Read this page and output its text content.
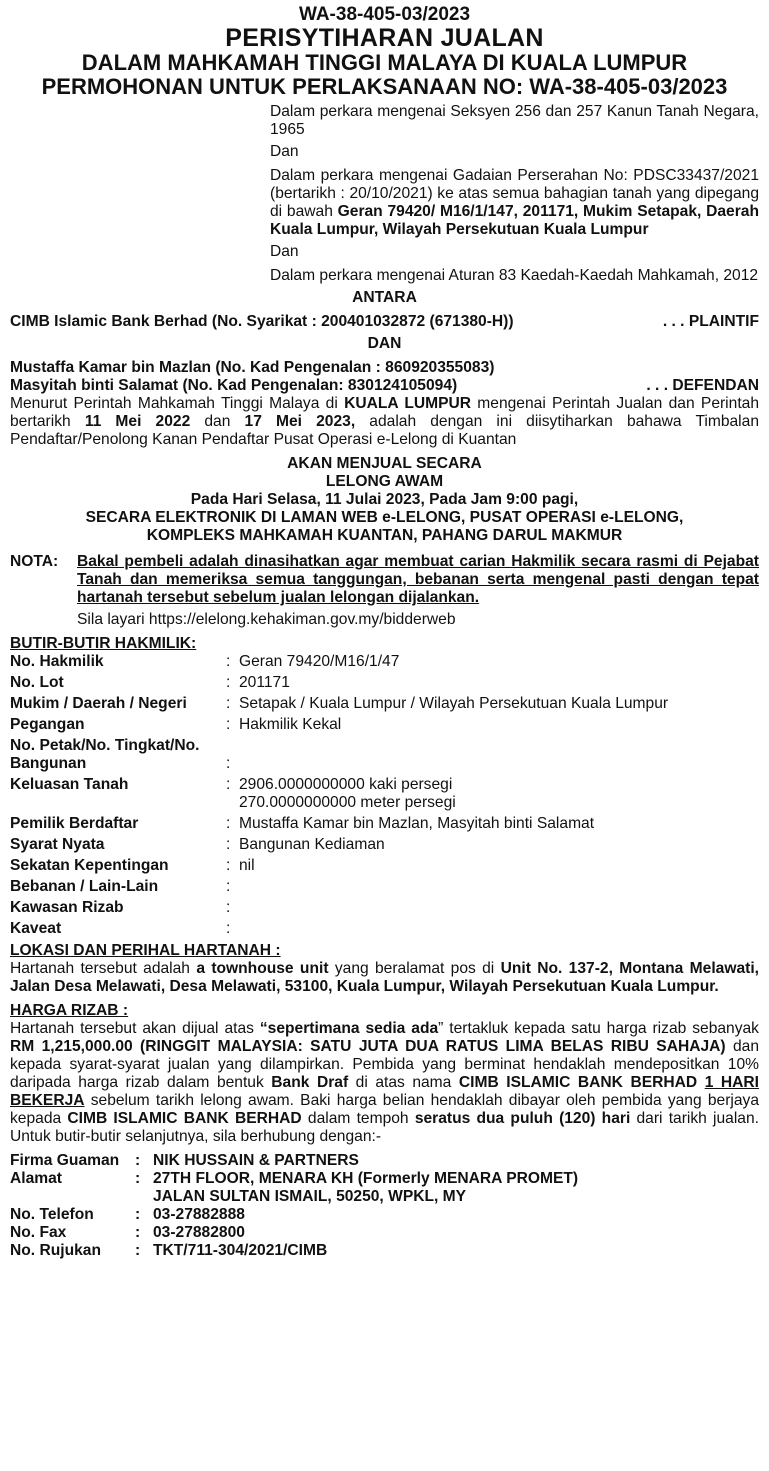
WA-38-405-03/2023
PERISYTIHARAN JUALAN
DALAM MAHKAMAH TINGGI MALAYA DI KUALA LUMPUR
PERMOHONAN UNTUK PERLAKSANAAN NO: WA-38-405-03/2023
Dalam perkara mengenai Seksyen 256 dan 257 Kanun Tanah Negara, 1965
Dan
Dalam perkara mengenai Gadaian Perserahan No: PDSC33437/2021 (bertarikh : 20/10/2021) ke atas semua bahagian tanah yang dipegang di bawah Geran 79420/ M16/1/147, 201171, Mukim Setapak, Daerah Kuala Lumpur, Wilayah Persekutuan Kuala Lumpur
Dan
Dalam perkara mengenai Aturan 83 Kaedah-Kaedah Mahkamah, 2012
ANTARA
CIMB Islamic Bank Berhad (No. Syarikat : 200401032872 (671380-H))	. . . PLAINTIF
DAN
Mustaffa Kamar bin Mazlan (No. Kad Pengenalan : 860920355083)
Masyitah binti Salamat (No. Kad Pengenalan: 830124105094)	. . . DEFENDAN
Menurut Perintah Mahkamah Tinggi Malaya di KUALA LUMPUR mengenai Perintah Jualan dan Perintah bertarikh 11 Mei 2022 dan 17 Mei 2023, adalah dengan ini diisytiharkan bahawa Timbalan Pendaftar/Penolong Kanan Pendaftar Pusat Operasi e-Lelong di Kuantan
AKAN MENJUAL SECARA
LELONG AWAM
Pada Hari Selasa, 11 Julai 2023, Pada Jam 9:00 pagi,
SECARA ELEKTRONIK DI LAMAN WEB e-LELONG, PUSAT OPERASI e-LELONG,
KOMPLEKS MAHKAMAH KUANTAN, PAHANG DARUL MAKMUR
NOTA:	Bakal pembeli adalah dinasihatkan agar membuat carian Hakmilik secara rasmi di Pejabat Tanah dan memeriksa semua tanggungan, bebanan serta mengenal pasti dengan tepat hartanah tersebut sebelum jualan lelongan dijalankan.
Sila layari https://elelong.kehakiman.gov.my/bidderweb
BUTIR-BUTIR HAKMILIK:
No. Hakmilik	: Geran 79420/M16/1/47
No. Lot	: 201171
Mukim / Daerah / Negeri	: Setapak / Kuala Lumpur / Wilayah Persekutuan Kuala Lumpur
Pegangan	: Hakmilik Kekal
No. Petak/No. Tingkat/No.
Bangunan	:
Keluasan Tanah	: 2906.0000000000 kaki persegi
270.0000000000 meter persegi
Pemilik Berdaftar	: Mustaffa Kamar bin Mazlan, Masyitah binti Salamat
Syarat Nyata	: Bangunan Kediaman
Sekatan Kepentingan	: nil
Bebanan / Lain-Lain	:
Kawasan Rizab	:
Kaveat	:
LOKASI DAN PERIHAL HARTANAH :
Hartanah tersebut adalah a townhouse unit yang beralamat pos di Unit No. 137-2, Montana Melawati, Jalan Desa Melawati, Desa Melawati, 53100, Kuala Lumpur, Wilayah Persekutuan Kuala Lumpur.
HARGA RIZAB :
Hartanah tersebut akan dijual atas “sepertimana sedia ada” tertakluk kepada satu harga rizab sebanyak RM 1,215,000.00 (RINGGIT MALAYSIA: SATU JUTA DUA RATUS LIMA BELAS RIBU SAHAJA) dan kepada syarat-syarat jualan yang dilampirkan. Pembida yang berminat hendaklah mendepositkan 10% daripada harga rizab dalam bentuk Bank Draf di atas nama CIMB ISLAMIC BANK BERHAD 1 HARI BEKERJA sebelum tarikh lelong awam. Baki harga belian hendaklah dibayar oleh pembida yang berjaya kepada CIMB ISLAMIC BANK BERHAD dalam tempoh seratus dua puluh (120) hari dari tarikh jualan. Untuk butir-butir selanjutnya, sila berhubung dengan:-
Firma Guaman	: NIK HUSSAIN & PARTNERS
Alamat	: 27TH FLOOR, MENARA KH (Formerly MENARA PROMET)
JALAN SULTAN ISMAIL, 50250, WPKL, MY
No. Telefon	: 03-27882888
No. Fax	: 03-27882800
No. Rujukan	: TKT/711-304/2021/CIMB
